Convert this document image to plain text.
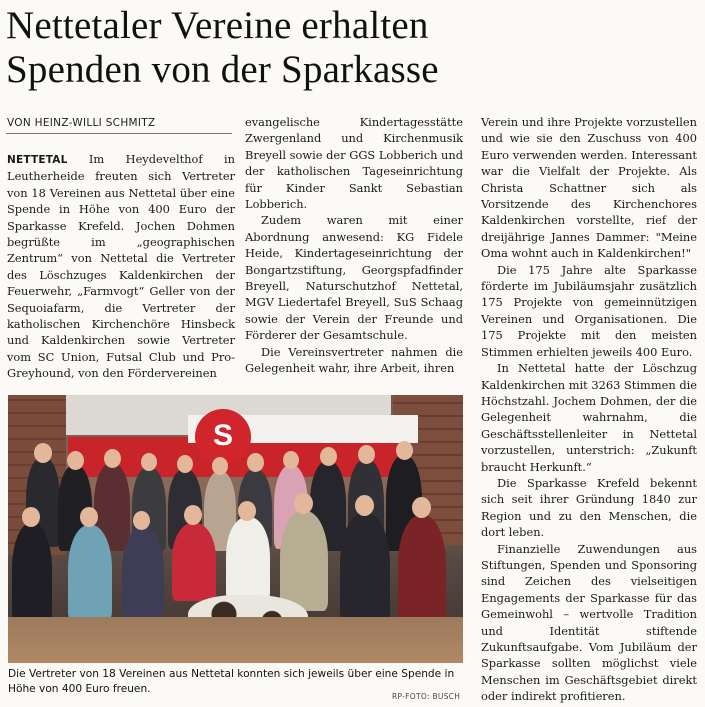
Nettetaler Vereine erhalten
Spenden von der Sparkasse
VON HEINZ-WILLI SCHMITZ

NETTETAL Im Heydevelthof in Leutherheide freuten sich Vertreter von 18 Vereinen aus Nettetal über eine Spende in Höhe von 400 Euro der Sparkasse Krefeld. Jochen Dohmen begrüßte im „geographischen Zentrum“ von Nettetal die Vertreter des Löschzuges Kaldenkirchen der Feuerwehr, „Farmvogt“ Geller von der Sequoiafarm, die Vertreter der katholischen Kirchenchöre Hinsbeck und Kaldenkirchen sowie Vertreter vom SC Union, Futsal Club und Pro-Greyhound, von den Fördervereinen

evangelische Kindertagesstätte Zwergenland und Kirchenmusik Breyell sowie der GGS Lobberich und der katholischen Tageseinrichtung für Kinder Sankt Sebastian Lobberich.

Zudem waren mit einer Abordnung anwesend: KG Fidele Heide, Kindertageseinrichtung der Bongartzstiftung, Georgspfadfinder Breyell, Naturschutzhof Nettetal, MGV Liedertafel Breyell, SuS Schaag sowie der Verein der Freunde und Förderer der Gesamtschule.

Die Vereinsvertreter nahmen die Gelegenheit wahr, ihre Arbeit, ihren

Verein und ihre Projekte vorzustellen und wie sie den Zuschuss von 400 Euro verwenden werden. Interessant war die Vielfalt der Projekte. Als Christa Schattner sich als Vorsitzende des Kirchenchores Kaldenkirchen vorstellte, rief der dreijährige Jannes Dammer: "Meine Oma wohnt auch in Kaldenkirchen!"

Die 175 Jahre alte Sparkasse förderte im Jubiläumsjahr zusätzlich 175 Projekte von gemeinnützigen Vereinen und Organisationen. Die 175 Projekte mit den meisten Stimmen erhielten jeweils 400 Euro.

In Nettetal hatte der Löschzug Kaldenkirchen mit 3263 Stimmen die Höchstzahl. Jochem Dohmen, der die Gelegenheit wahrnahm, die Geschäftsstellenleiter in Nettetal vorzustellen, unterstrich: „Zukunft braucht Herkunft.“

Die Sparkasse Krefeld bekennt sich seit ihrer Gründung 1840 zur Region und zu den Menschen, die dort leben.

Finanzielle Zuwendungen aus Stiftungen, Spenden und Sponsoring sind Zeichen des vielseitigen Engagements der Sparkasse für das Gemeinwohl – wertvolle Tradition und Identität stiftende Zukunftsaufgabe. Vom Jubiläum der Sparkasse sollten möglichst viele Menschen im Geschäftsgebiet direkt oder indirekt profitieren.

S
Die Vertreter von 18 Vereinen aus Nettetal konnten sich jeweils über eine Spende in Höhe von 400 Euro freuen.
RP-FOTO: BUSCH
